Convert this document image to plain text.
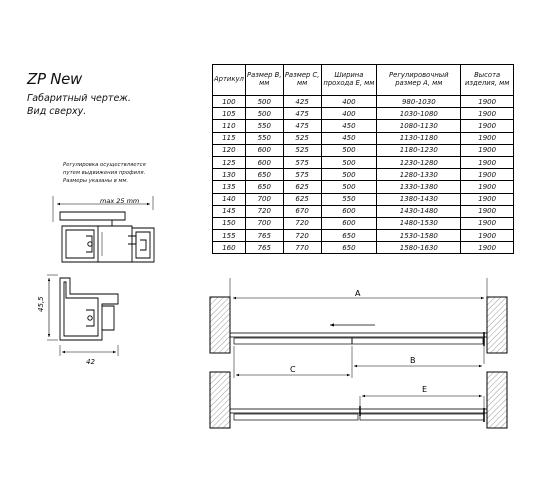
ZP New
Габаритный чертеж.
Вид сверху.
Регулировка осуществляется
путем выдвижения профиля.
Размеры указаны в мм.
Артикул	Размер B, мм	Размер C, мм	Ширина прохода E, мм	Регулировочный размер A, мм	Высота изделия, мм
100	500	425	400	980-1030	1900
105	500	475	400	1030-1080	1900
110	550	475	450	1080-1130	1900
115	550	525	450	1130-1180	1900
120	600	525	500	1180-1230	1900
125	600	575	500	1230-1280	1900
130	650	575	500	1280-1330	1900
135	650	625	500	1330-1380	1900
140	700	625	550	1380-1430	1900
145	720	670	600	1430-1480	1900
150	700	720	600	1480-1530	1900
155	765	720	650	1530-1580	1900
160	765	770	650	1580-1630	1900
max 25 mm
45,5
42
A
B
C
E
